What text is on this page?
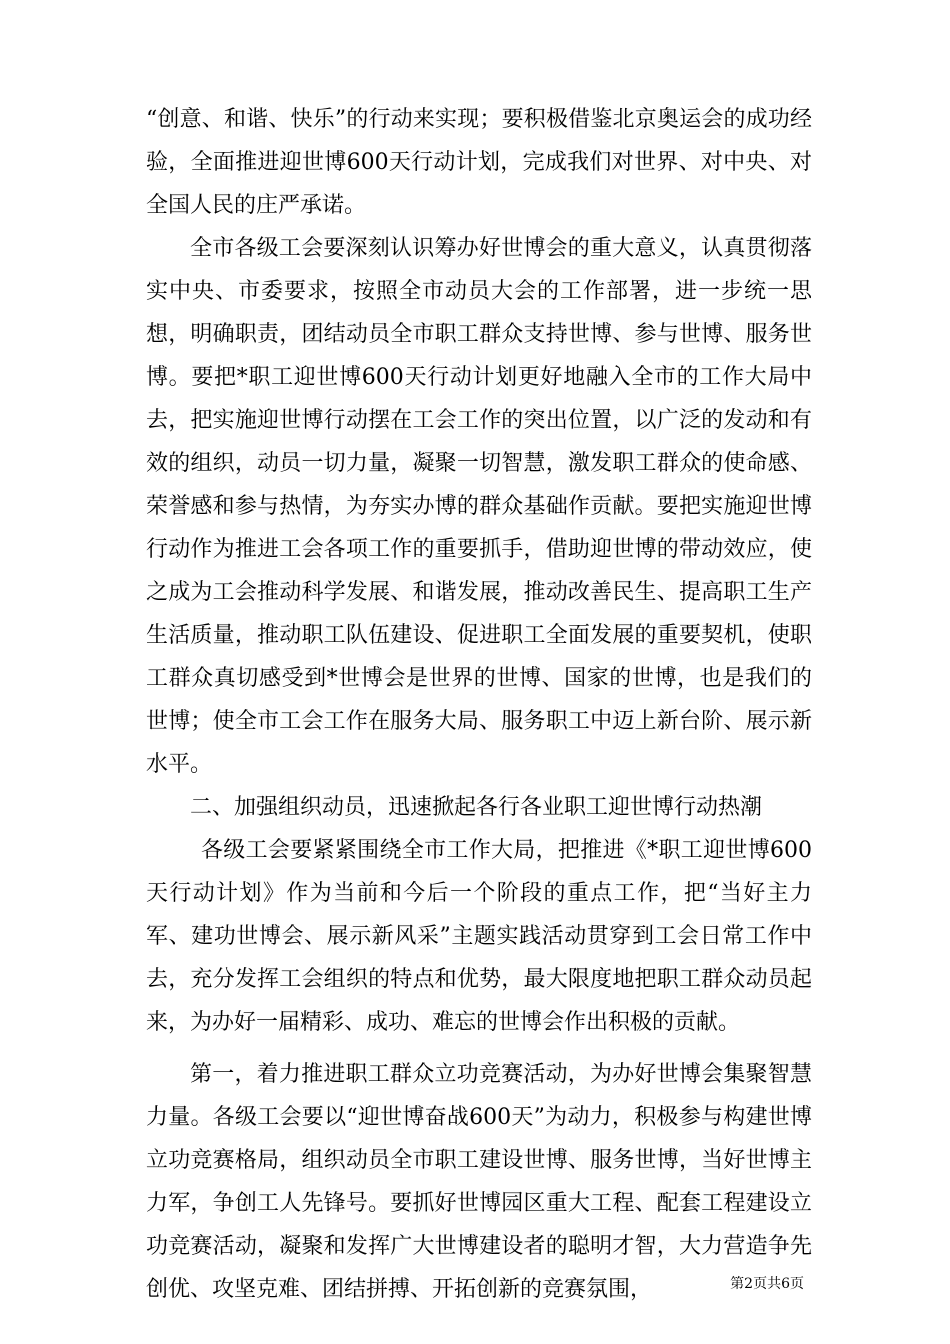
“创意、和谐、快乐”的行动来实现；要积极借鉴北京奥运会的成功经验，全面推进迎世博600天行动计划，完成我们对世界、对中央、对全国人民的庄严承诺。

全市各级工会要深刻认识筹办好世博会的重大意义，认真贯彻落实中央、市委要求，按照全市动员大会的工作部署，进一步统一思想，明确职责，团结动员全市职工群众支持世博、参与世博、服务世博。要把*职工迎世博600天行动计划更好地融入全市的工作大局中去，把实施迎世博行动摆在工会工作的突出位置，以广泛的发动和有效的组织，动员一切力量，凝聚一切智慧，激发职工群众的使命感、荣誉感和参与热情，为夯实办博的群众基础作贡献。要把实施迎世博行动作为推进工会各项工作的重要抓手，借助迎世博的带动效应，使之成为工会推动科学发展、和谐发展，推动改善民生、提高职工生产生活质量，推动职工队伍建设、促进职工全面发展的重要契机，使职工群众真切感受到*世博会是世界的世博、国家的世博，也是我们的世博；使全市工会工作在服务大局、服务职工中迈上新台阶、展示新水平。

二、加强组织动员，迅速掀起各行各业职工迎世博行动热潮

各级工会要紧紧围绕全市工作大局，把推进《*职工迎世博600天行动计划》作为当前和今后一个阶段的重点工作，把“当好主力军、建功世博会、展示新风采”主题实践活动贯穿到工会日常工作中去，充分发挥工会组织的特点和优势，最大限度地把职工群众动员起来，为办好一届精彩、成功、难忘的世博会作出积极的贡献。

第一，着力推进职工群众立功竞赛活动，为办好世博会集聚智慧力量。各级工会要以“迎世博奋战600天”为动力，积极参与构建世博立功竞赛格局，组织动员全市职工建设世博、服务世博，当好世博主力军，争创工人先锋号。要抓好世博园区重大工程、配套工程建设立功竞赛活动，凝聚和发挥广大世博建设者的聪明才智，大力营造争先创优、攻坚克难、团结拼搏、开拓创新的竞赛氛围，	第2页共6页
